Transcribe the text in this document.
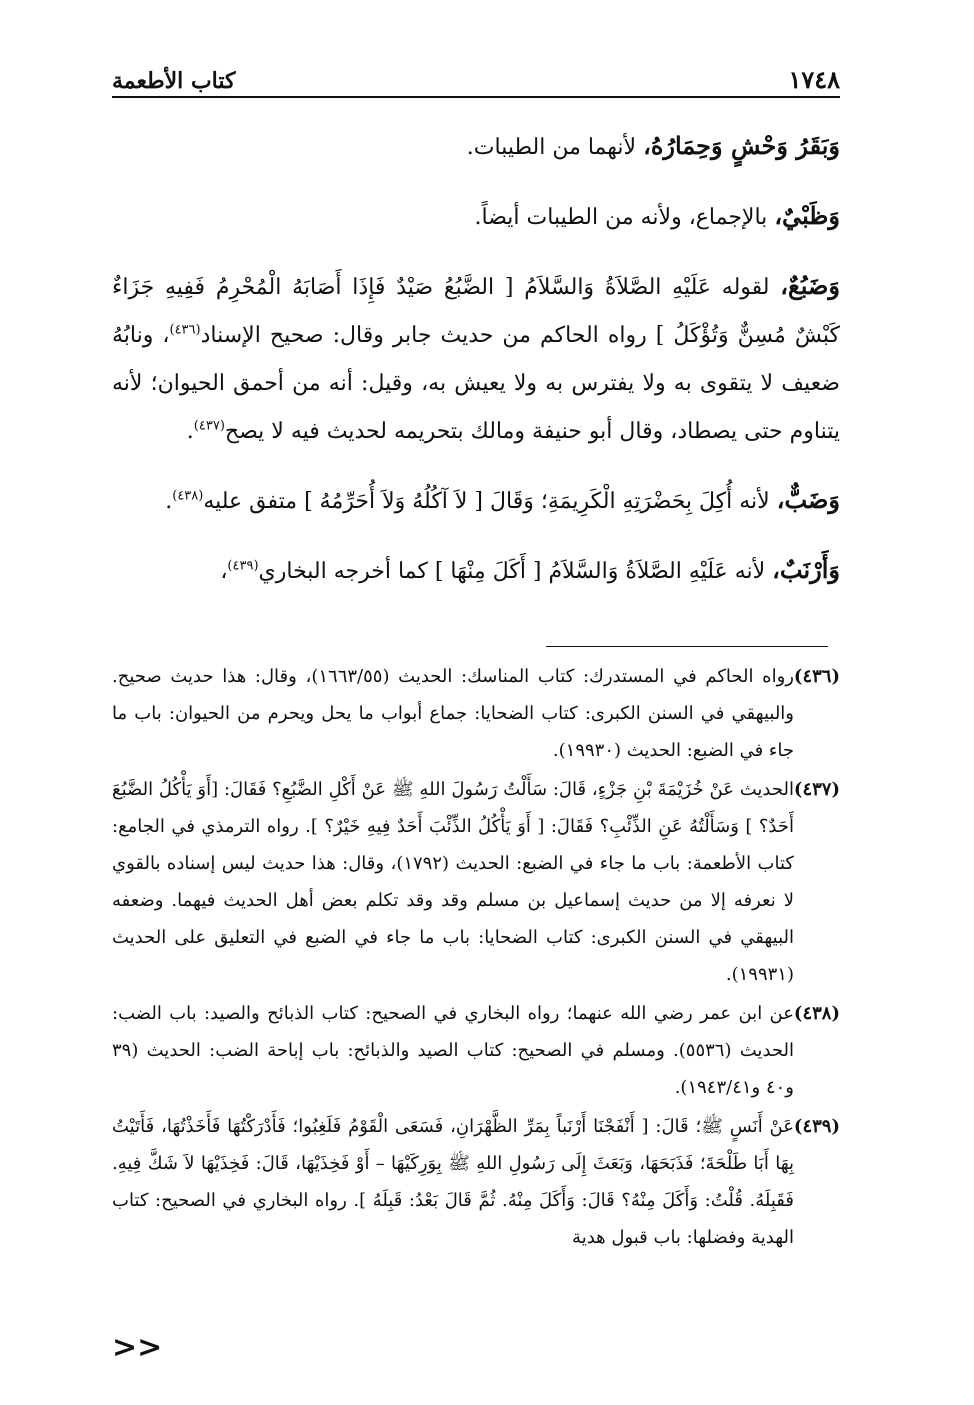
١٧٤٨
كتاب الأطعمة

وَبَقَرُ وَحْشٍ وَحِمَارُهُ، لأنهما من الطيبات.

وَظَبْيٌ، بالإجماع، ولأنه من الطيبات أيضاً.

وَضَبُعٌ، لقوله عَلَيْهِ الصَّلاَةُ وَالسَّلاَمُ [ الضَّبُعُ صَيْدٌ فَإِذَا أَصَابَهُ الْمُحْرِمُ فَفِيهِ جَزَاءٌ كَبْشٌ مُسِنٌّ وَتُؤْكَلُ ] رواه الحاكم من حديث جابر وقال: صحيح الإسناد$^{(٤٣٦)}$، ونابُهُ ضعيف لا يتقوى به ولا يفترس به ولا يعيش به، وقيل: أنه من أحمق الحيوان؛ لأنه يتناوم حتى يصطاد، وقال أبو حنيفة ومالك بتحريمه لحديث فيه لا يصح$^{(٤٣٧)}$.

وَضَبٌّ، لأنه أُكِلَ بِحَضْرَتِهِ الْكَرِيمَةِ؛ وَقَالَ [ لاَ آكُلُهُ وَلاَ أُحَرِّمُهُ ] متفق عليه$^{(٤٣٨)}$.

وَأَرْنَبٌ، لأنه عَلَيْهِ الصَّلاَةُ وَالسَّلاَمُ [ أَكَلَ مِنْهَا ] كما أخرجه البخاري$^{(٤٣٩)}$،

(٤٣٦)
رواه الحاكم في المستدرك: كتاب المناسك: الحديث (١٦٦٣/٥٥)، وقال: هذا حديث صحيح. والبيهقي في السنن الكبرى: كتاب الضحايا: جماع أبواب ما يحل ويحرم من الحيوان: باب ما جاء في الضبع: الحديث (١٩٩٣٠).
(٤٣٧)
الحديث عَنْ خُزَيْمَةَ بْنِ جَزْءٍ، قَالَ: سَأَلْتُ رَسُولَ اللهِ ﷺ عَنْ أَكْلِ الضَّبُعِ؟ فَقَالَ: [أَوَ يَأْكُلُ الضَّبُعَ أَحَدٌ؟ ] وَسَأَلْتُهُ عَنِ الذِّئْبِ؟ فَقَالَ: [ أَوَ يَأْكُلُ الذِّئْبَ أَحَدٌ فِيهِ خَيْرٌ؟ ]. رواه الترمذي في الجامع: كتاب الأطعمة: باب ما جاء في الضبع: الحديث (١٧٩٢)، وقال: هذا حديث ليس إسناده بالقوي لا نعرفه إلا من حديث إسماعيل بن مسلم وقد وقد تكلم بعض أهل الحديث فيهما. وضعفه البيهقي في السنن الكبرى: كتاب الضحايا: باب ما جاء في الضبع في التعليق على الحديث (١٩٩٣١).
(٤٣٨)
عن ابن عمر رضي الله عنهما؛ رواه البخاري في الصحيح: كتاب الذبائح والصيد: باب الضب: الحديث (٥٥٣٦). ومسلم في الصحيح: كتاب الصيد والذبائح: باب إباحة الضب: الحديث (٣٩ و٤٠ و١٩٤٣/٤١).
(٤٣٩)
عَنْ أَنَسٍ ﷺ؛ قَالَ: [ أَنْفَجْنَا أَرْنَباً بِمَرِّ الظَّهْرَانِ، فَسَعَى الْقَوْمُ فَلَغِبُوا؛ فَأَدْرَكْتُهَا فَأَخَذْتُهَا، فَأَتَيْتُ بِهَا أَبَا طَلْحَةَ؛ فَذَبَحَهَا، وَبَعَثَ إِلَى رَسُولِ اللهِ ﷺ بِوَرِكَيْهَا – أَوْ فَخِذَيْهَا، قَالَ: فَخِذَيْهَا لاَ شَكَّ فِيهِ. فَقَبِلَهُ. قُلْتُ: وَأَكَلَ مِنْهُ؟ قَالَ: وَأَكَلَ مِنْهُ. ثُمَّ قَالَ بَعْدُ: قَبِلَهُ ]. رواه البخاري في الصحيح: كتاب الهدية وفضلها: باب قبول هدية
<<
